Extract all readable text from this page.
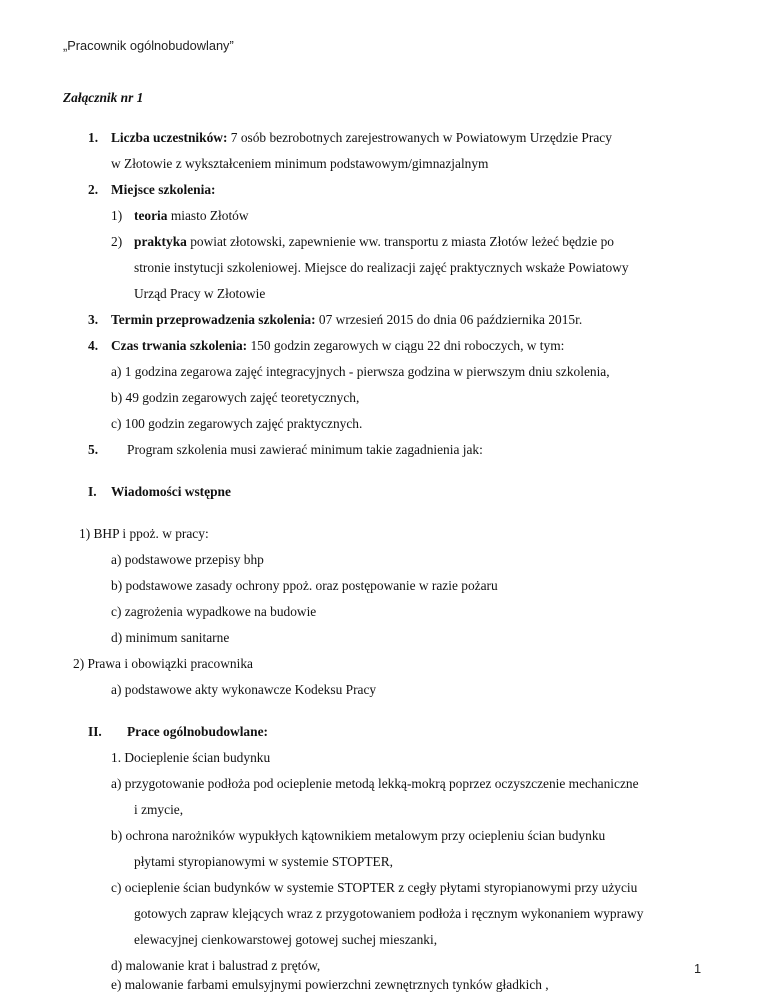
„Pracownik ogólnobudowlany”
Załącznik nr 1
1. Liczba uczestników: 7 osób bezrobotnych zarejestrowanych w Powiatowym Urzędzie Pracy
w Złotowie z wykształceniem minimum podstawowym/gimnazjalnym
2. Miejsce szkolenia:
1) teoria miasto Złotów
2) praktyka powiat złotowski, zapewnienie ww. transportu z miasta Złotów leżeć będzie po
stronie instytucji szkoleniowej. Miejsce do realizacji zajęć praktycznych wskaże Powiatowy
Urząd Pracy w Złotowie
3. Termin przeprowadzenia szkolenia: 07 wrzesień 2015 do dnia 06 października 2015r.
4. Czas trwania szkolenia: 150 godzin zegarowych w ciągu 22 dni roboczych, w tym:
a) 1 godzina zegarowa zajęć integracyjnych - pierwsza godzina w pierwszym dniu szkolenia,
b) 49 godzin zegarowych zajęć teoretycznych,
c) 100 godzin zegarowych zajęć praktycznych.
5. Program szkolenia musi zawierać minimum takie zagadnienia jak:
I. Wiadomości wstępne
1) BHP i ppoż. w pracy:
a) podstawowe przepisy bhp
b) podstawowe zasady ochrony ppoż. oraz postępowanie w razie pożaru
c) zagrożenia wypadkowe na budowie
d) minimum sanitarne
2) Prawa i obowiązki pracownika
a) podstawowe akty wykonawcze Kodeksu Pracy
II. Prace ogólnobudowlane:
1. Docieplenie ścian budynku
a) przygotowanie podłoża pod ocieplenie metodą lekką-mokrą poprzez oczyszczenie mechaniczne
i zmycie,
b) ochrona narożników wypukłych kątownikiem metalowym przy ociepleniu ścian budynku
płytami styropianowymi w systemie STOPTER,
c) ocieplenie ścian budynków w systemie STOPTER z cegły płytami styropianowymi przy użyciu
gotowych zapraw klejących wraz z przygotowaniem podłoża i ręcznym wykonaniem wyprawy
elewacyjnej cienkowarstowej gotowej suchej mieszanki,
d) malowanie krat i balustrad z prętów,
e) malowanie farbami emulsyjnymi powierzchni zewnętrznych tynków gładkich ,
1
